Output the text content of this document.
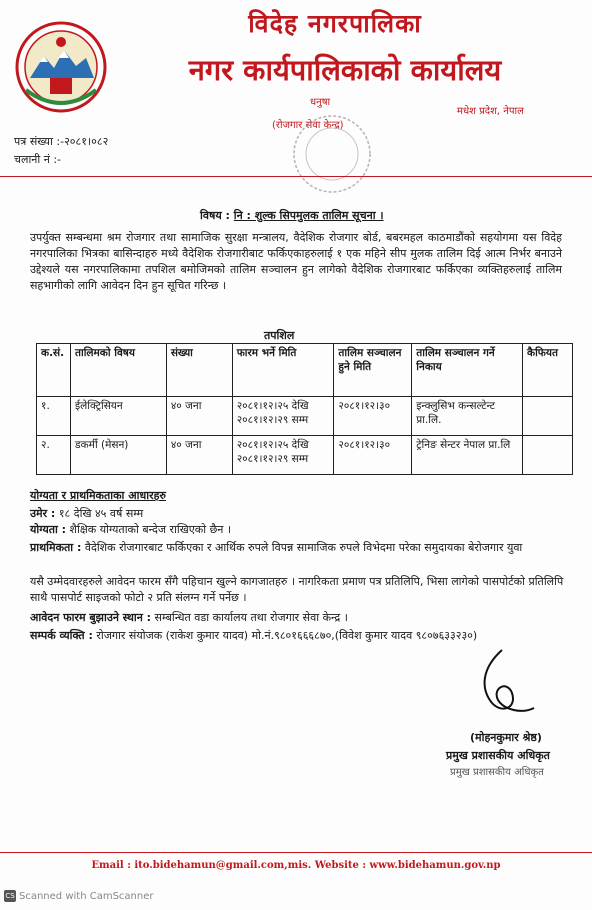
विदेह नगरपालिका
नगर कार्यपालिकाको कार्यालय
धनुषा
(रोजगार सेवा केन्द्र)
मधेश प्रदेश, नेपाल
पत्र संख्या :-२०८१।०८२
चलानी नं :-
विषय : नि : शुल्क सिपमुलक तालिम सूचना ।
उपर्युक्त सम्बन्धमा श्रम रोजगार तथा सामाजिक सुरक्षा मन्त्रालय, वैदेशिक रोजगार बोर्ड, बबरमहल काठमाडौंको सहयोगमा यस विदेह नगरपालिका भित्रका बासिन्दाहरु मध्ये वैदेशिक रोजगारीबाट फर्किएकाहरुलाई १ एक महिने सीप मुलक तालिम दिई आत्म निर्भर बनाउने उद्देश्यले यस नगरपालिकामा तपशिल बमोजिमको तालिम सञ्चालन हुन लागेको वैदेशिक रोजगारबाट फर्किएका व्यक्तिहरुलाई तालिम सहभागीको लागि आवेदन दिन हुन सूचित गरिन्छ ।
तपशिल
क.सं.	तालिमको विषय	संख्या	फारम भर्ने मिति	तालिम सञ्चालन हुने मिति	तालिम सञ्चालन गर्ने निकाय	कैफियत
१.	ईलेक्ट्रिसियन	४० जना	२०८१।१२।२५ देखि २०८१।१२।२९ सम्म	२०८१।१२।३०	इन्क्लुसिभ कन्सल्टेन्ट प्रा.लि.	
२.	डकर्मी (मेसन)	४० जना	२०८१।१२।२५ देखि २०८१।१२।२९ सम्म	२०८१।१२।३०	ट्रेनिङ सेन्टर नेपाल प्रा.लि	
योग्यता र प्राथमिकताका आधारहरु
उमेर : १८ देखि ४५ वर्ष सम्म
योग्यता : शैक्षिक योग्यताको बन्देज राखिएको छैन ।
प्राथमिकता : वैदेशिक रोजगारबाट फर्किएका र आर्थिक रुपले विपन्न सामाजिक रुपले विभेदमा परेका समुदायका बेरोजगार युवा
यसै उम्मेदवारहरुले आवेदन फारम सँगै पहिचान खुल्ने कागजातहरु । नागरिकता प्रमाण पत्र प्रतिलिपि, भिसा लागेको पासपोर्टको प्रतिलिपि साथै पासपोर्ट साइजको फोटो २ प्रति संलग्न गर्ने पर्नेछ ।
आवेदन फारम बुझाउने स्थान : सम्बन्धित वडा कार्यालय तथा रोजगार सेवा केन्द्र ।
सम्पर्क व्यक्ति : रोजगार संयोजक (राकेश कुमार यादव) मो.नं.९८०१६६६८७०,(विवेश कुमार यादव ९८०७६३३२३०)
(मोहनकुमार श्रेष्ठ)
प्रमुख प्रशासकीय अधिकृत
प्रमुख प्रशासकीय अधिकृत
Email : ito.bidehamun@gmail.com,mis. Website : www.bidehamun.gov.np
CS Scanned with CamScanner
